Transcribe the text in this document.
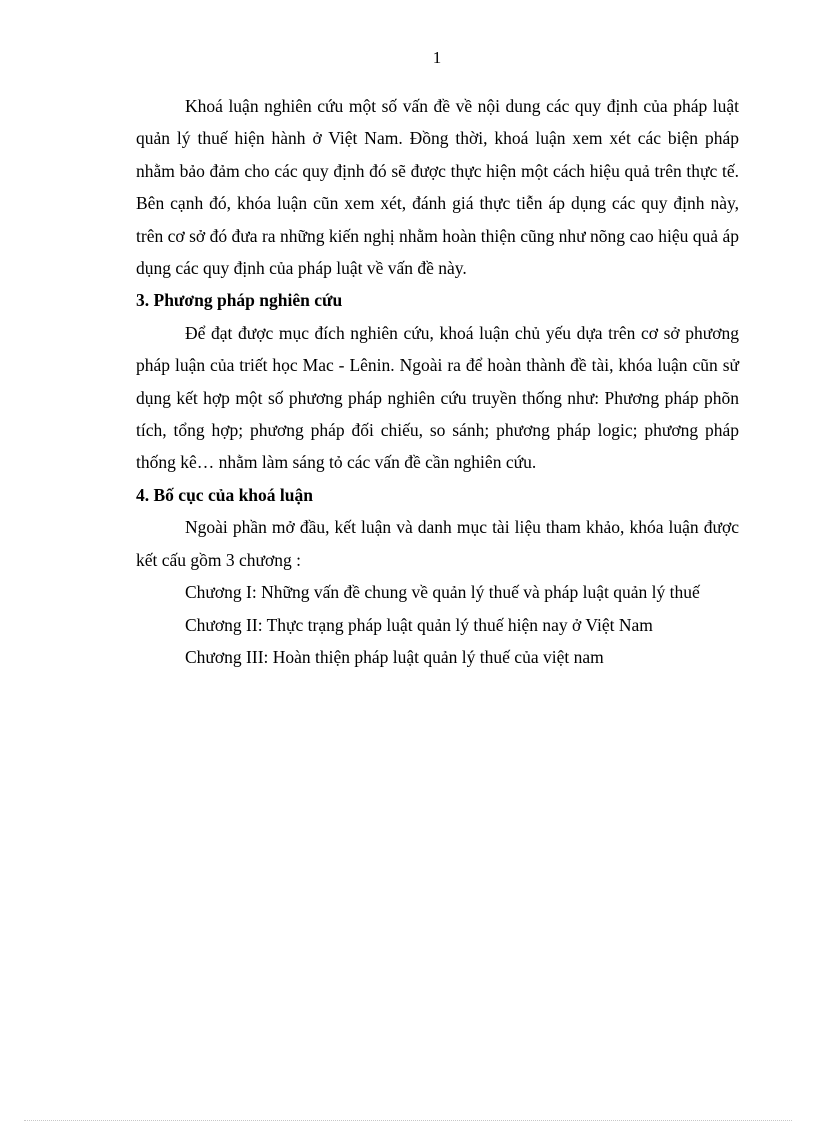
1

Khoá luận nghiên cứu một số vấn đề về nội dung các quy định của pháp luật quản lý thuế hiện hành ở Việt Nam. Đồng thời, khoá luận xem xét các biện pháp nhằm bảo đảm cho các quy định đó sẽ được thực hiện một cách hiệu quả trên thực tế. Bên cạnh đó, khóa luận cũn xem xét, đánh giá thực tiễn áp dụng các quy định này, trên cơ sở đó đưa ra những kiến nghị nhằm hoàn thiện cũng như nõng cao hiệu quả áp dụng các quy định của pháp luật về vấn đề này.

3. Phương pháp nghiên cứu

Để đạt được mục đích nghiên cứu, khoá luận chủ yếu dựa trên cơ sở phương pháp luận của triết học Mac - Lênin. Ngoài ra để hoàn thành đề tài, khóa luận cũn sử dụng kết hợp một số phương pháp nghiên cứu truyền thống như: Phương pháp phõn tích, tổng hợp; phương pháp đối chiếu, so sánh; phương pháp logic; phương pháp thống kê… nhằm làm sáng tỏ các vấn đề cần nghiên cứu.

4. Bố cục của khoá luận

Ngoài phần mở đầu, kết luận và danh mục tài liệu tham khảo, khóa luận được kết cấu gồm 3 chương :

Chương I: Những vấn đề chung về quản lý thuế và pháp luật quản lý thuế

Chương II: Thực trạng pháp luật quản lý thuế hiện nay ở Việt Nam

Chương III: Hoàn thiện pháp luật quản lý thuế của việt nam
